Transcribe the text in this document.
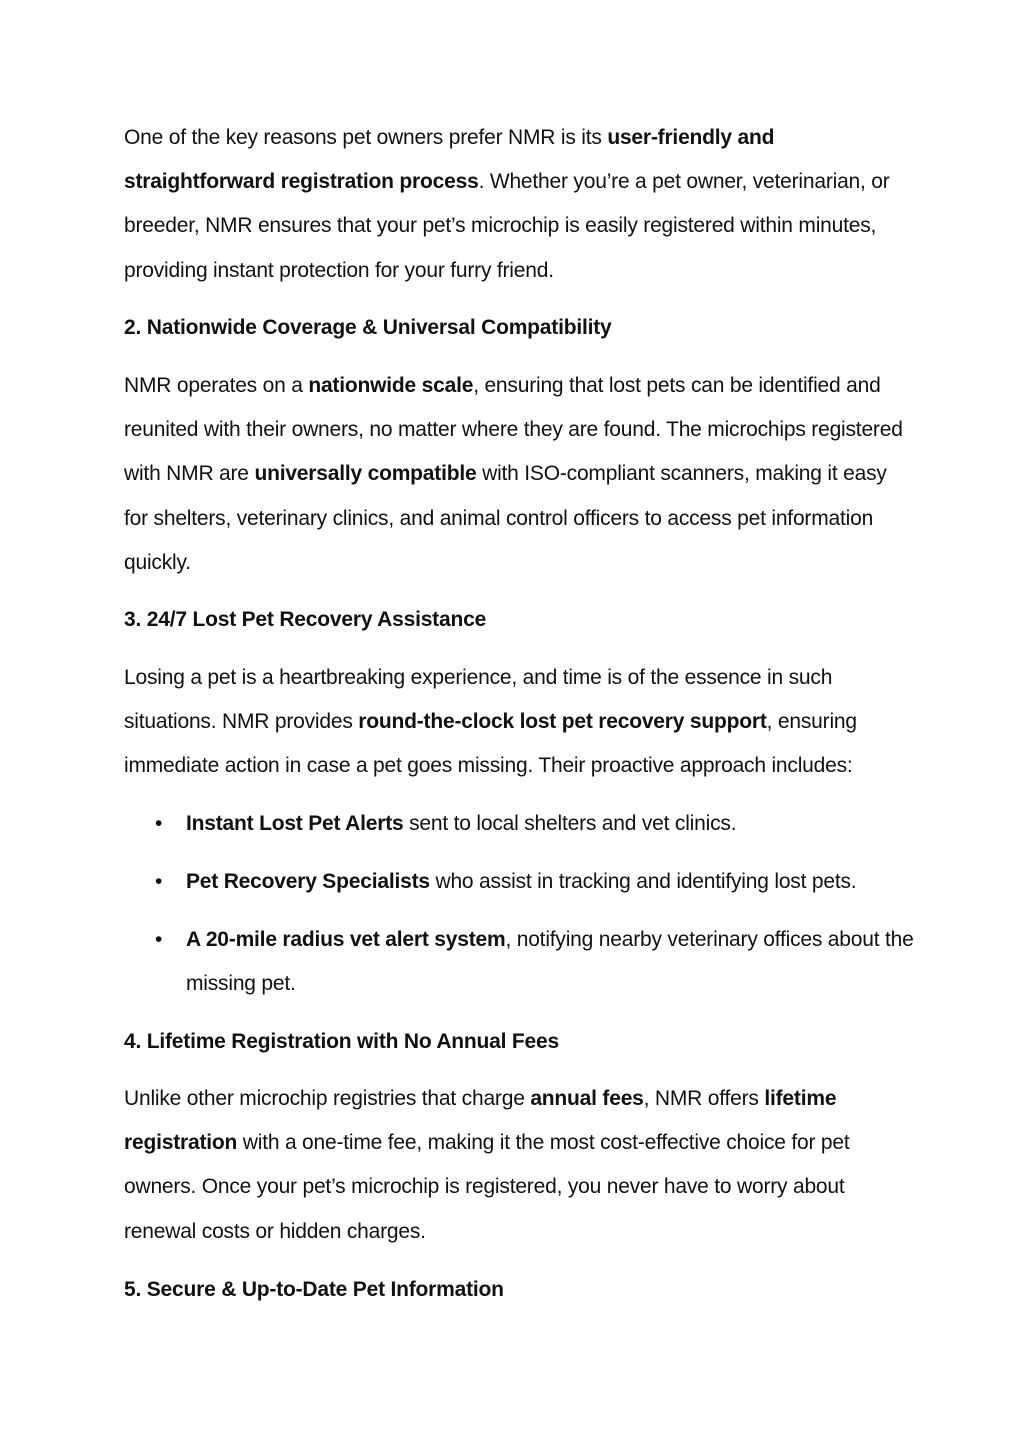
One of the key reasons pet owners prefer NMR is its user-friendly and straightforward registration process. Whether you’re a pet owner, veterinarian, or breeder, NMR ensures that your pet’s microchip is easily registered within minutes, providing instant protection for your furry friend.

2. Nationwide Coverage & Universal Compatibility

NMR operates on a nationwide scale, ensuring that lost pets can be identified and reunited with their owners, no matter where they are found. The microchips registered with NMR are universally compatible with ISO-compliant scanners, making it easy for shelters, veterinary clinics, and animal control officers to access pet information quickly.

3. 24/7 Lost Pet Recovery Assistance

Losing a pet is a heartbreaking experience, and time is of the essence in such situations. NMR provides round-the-clock lost pet recovery support, ensuring immediate action in case a pet goes missing. Their proactive approach includes:

• Instant Lost Pet Alerts sent to local shelters and vet clinics.
• Pet Recovery Specialists who assist in tracking and identifying lost pets.
• A 20-mile radius vet alert system, notifying nearby veterinary offices about the missing pet.
4. Lifetime Registration with No Annual Fees

Unlike other microchip registries that charge annual fees, NMR offers lifetime registration with a one-time fee, making it the most cost-effective choice for pet owners. Once your pet’s microchip is registered, you never have to worry about renewal costs or hidden charges.

5. Secure & Up-to-Date Pet Information
